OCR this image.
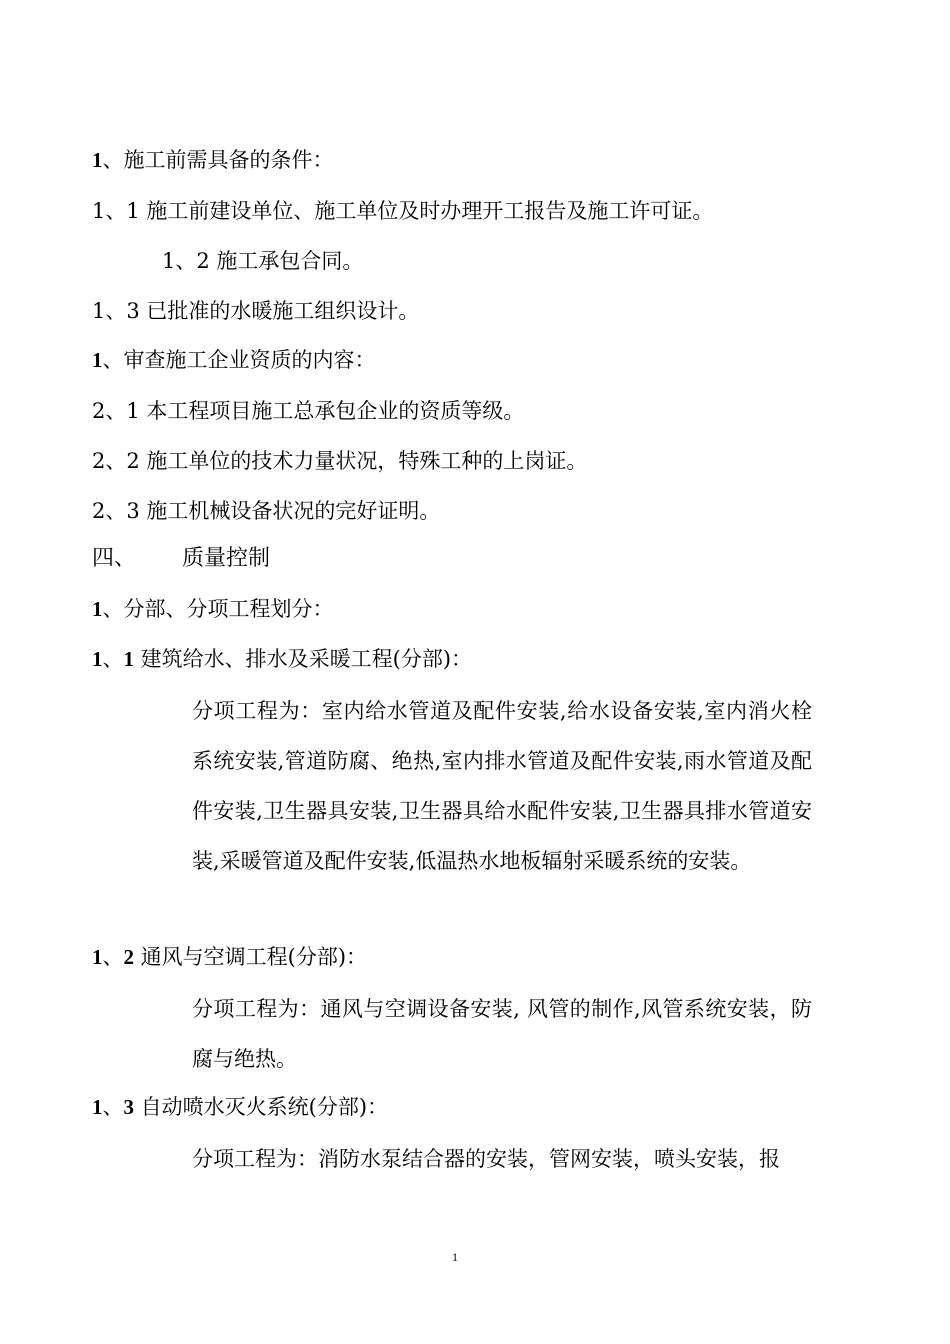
1、施工前需具备的条件：

1、1 施工前建设单位、施工单位及时办理开工报告及施工许可证。

1、2 施工承包合同。

1、3 已批准的水暖施工组织设计。

1、审查施工企业资质的内容：

2、1 本工程项目施工总承包企业的资质等级。

2、2 施工单位的技术力量状况，特殊工种的上岗证。

2、3 施工机械设备状况的完好证明。

四、 质量控制

1、分部、分项工程划分：

1、1 建筑给水、排水及采暖工程(分部)：

分项工程为：室内给水管道及配件安装,给水设备安装,室内消火栓系统安装,管道防腐、绝热,室内排水管道及配件安装,雨水管道及配件安装,卫生器具安装,卫生器具给水配件安装,卫生器具排水管道安装,采暖管道及配件安装,低温热水地板辐射采暖系统的安装。

1、2 通风与空调工程(分部)：

分项工程为：通风与空调设备安装, 风管的制作,风管系统安装，防腐与绝热。

1、3 自动喷水灭火系统(分部)：

分项工程为：消防水泵结合器的安装，管网安装，喷头安装，报

1
